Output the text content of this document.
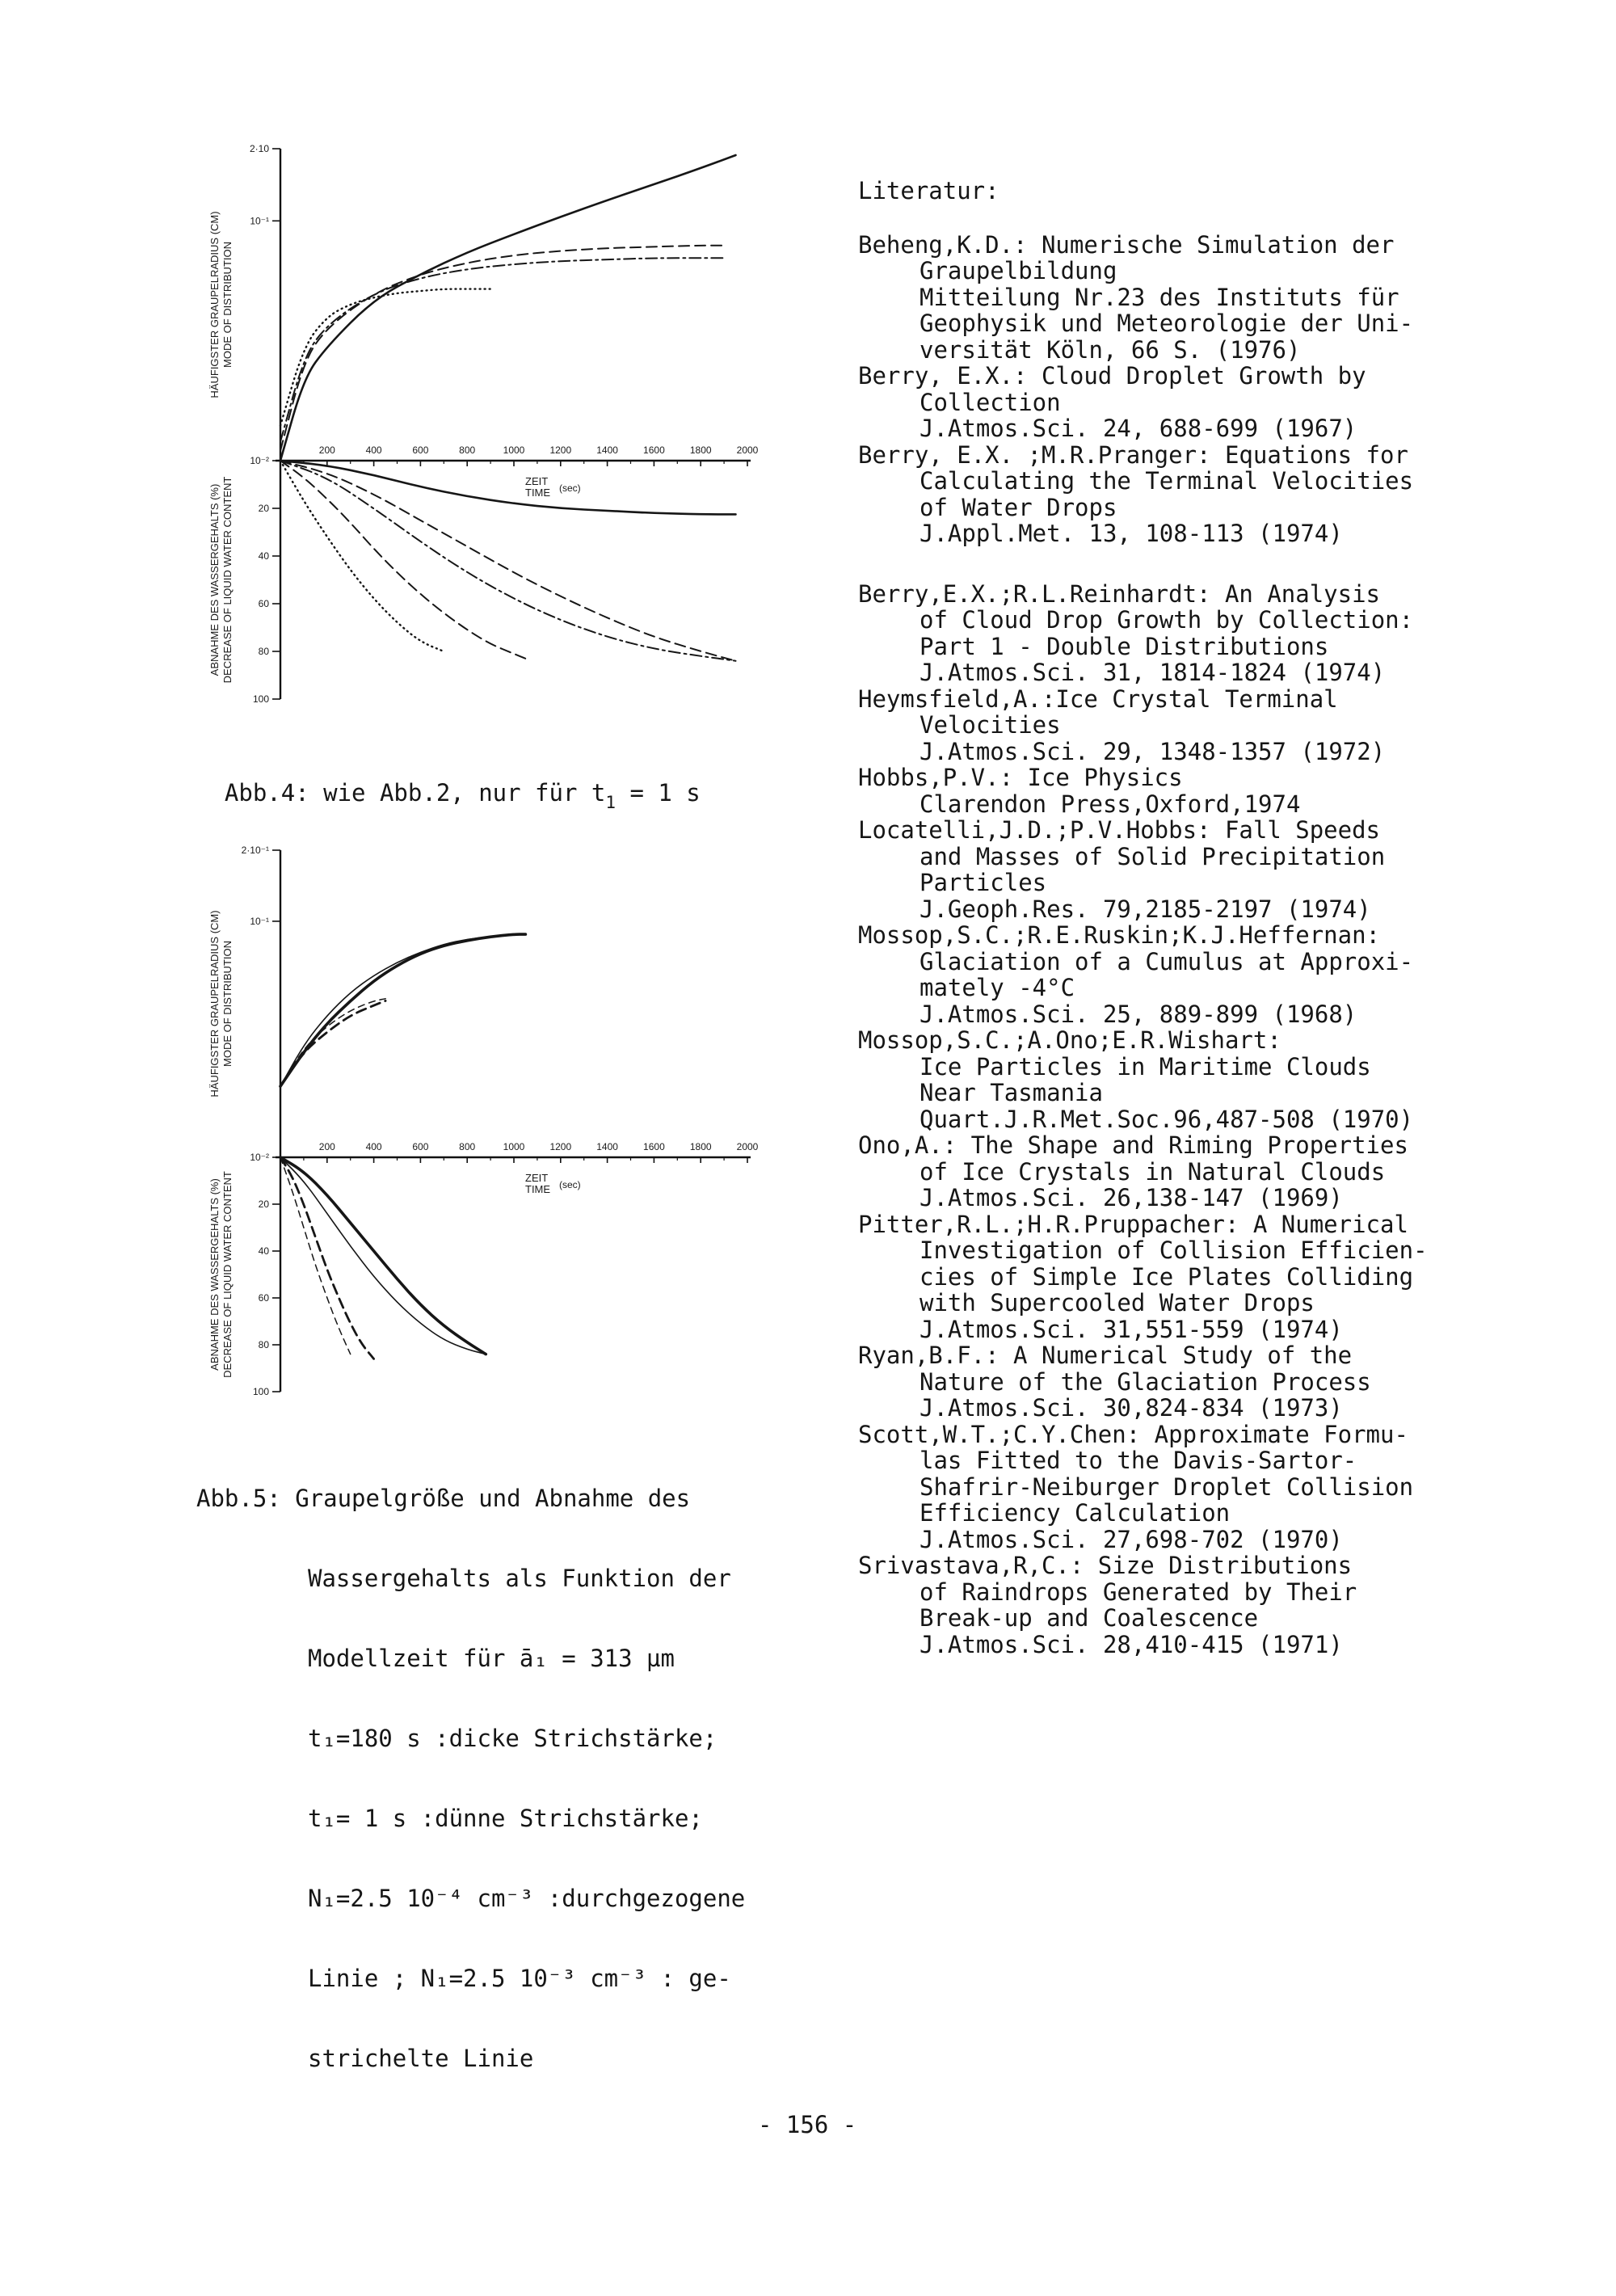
200	400	600	800	1000	1200	1400	1600	1800	2000
ZEIT
TIME (sec)
2·10
10⁻¹
10⁻²
20
40
60
80
100
HÄUFIGSTER GRAUPELRADIUS (CM) MODE OF DISTRIBUTION
ABNAHME DES WASSERGEHALTS (%) DECREASE OF LIQUID WATER CONTENT

Abb.4: wie Abb.2, nur für $t_1 = 1$ s

200	400	600	800	1000	1200	1400	1600	1800	2000
ZEIT
TIME (sec)
2·10⁻¹
10⁻¹
10⁻²
20
40
60
80
100
HÄUFIGSTER GRAUPELRADIUS (CM) MODE OF DISTRIBUTION
ABNAHME DES WASSERGEHALTS (%) DECREASE OF LIQUID WATER CONTENT

Abb.5: Graupelgröße und Abnahme des

Wassergehalts als Funktion der

Modellzeit für ā₁ = 313 µm

t₁=180 s :dicke Strichstärke;

t₁= 1 s :dünne Strichstärke;

N₁=2.5 10⁻⁴ cm⁻³ :durchgezogene

Linie ; N₁=2.5 10⁻³ cm⁻³ : ge-

strichelte Linie

Literatur:
Beheng,K.D.: Numerische Simulation der
Graupelbildung
Mitteilung Nr.23 des Instituts für
Geophysik und Meteorologie der Uni-
versität Köln, 66 S. (1976)
Berry, E.X.: Cloud Droplet Growth by
Collection
J.Atmos.Sci. 24, 688-699 (1967)
Berry, E.X. ;M.R.Pranger: Equations for
Calculating the Terminal Velocities
of Water Drops
J.Appl.Met. 13, 108-113 (1974)
Berry,E.X.;R.L.Reinhardt: An Analysis
of Cloud Drop Growth by Collection:
Part 1 - Double Distributions
J.Atmos.Sci. 31, 1814-1824 (1974)
Heymsfield,A.:Ice Crystal Terminal
Velocities
J.Atmos.Sci. 29, 1348-1357 (1972)
Hobbs,P.V.: Ice Physics
Clarendon Press,Oxford,1974
Locatelli,J.D.;P.V.Hobbs: Fall Speeds
and Masses of Solid Precipitation
Particles
J.Geoph.Res. 79,2185-2197 (1974)
Mossop,S.C.;R.E.Ruskin;K.J.Heffernan:
Glaciation of a Cumulus at Approxi-
mately -4°C
J.Atmos.Sci. 25, 889-899 (1968)
Mossop,S.C.;A.Ono;E.R.Wishart:
Ice Particles in Maritime Clouds
Near Tasmania
Quart.J.R.Met.Soc.96,487-508 (1970)
Ono,A.: The Shape and Riming Properties
of Ice Crystals in Natural Clouds
J.Atmos.Sci. 26,138-147 (1969)
Pitter,R.L.;H.R.Pruppacher: A Numerical
Investigation of Collision Efficien-
cies of Simple Ice Plates Colliding
with Supercooled Water Drops
J.Atmos.Sci. 31,551-559 (1974)
Ryan,B.F.: A Numerical Study of the
Nature of the Glaciation Process
J.Atmos.Sci. 30,824-834 (1973)
Scott,W.T.;C.Y.Chen: Approximate Formu-
las Fitted to the Davis-Sartor-
Shafrir-Neiburger Droplet Collision
Efficiency Calculation
J.Atmos.Sci. 27,698-702 (1970)
Srivastava,R,C.: Size Distributions
of Raindrops Generated by Their
Break-up and Coalescence
J.Atmos.Sci. 28,410-415 (1971)
- 156 -
